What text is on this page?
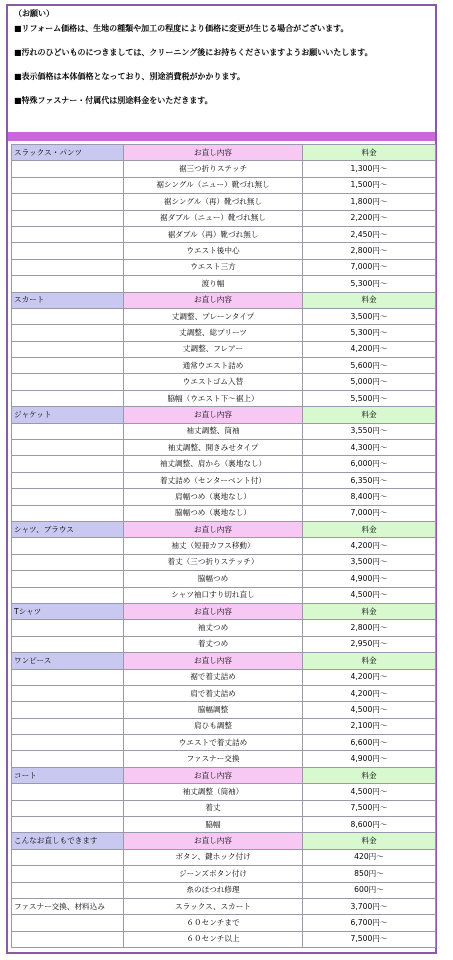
（お願い）

■リフォーム価格は、生地の種類や加工の程度により価格に変更が生じる場合がございます。

■汚れのひどいものにつきましては、クリーニング後にお持ちくださいますようお願いいたします。

■表示価格は本体価格となっており、別途消費税がかかります。

■特殊ファスナー・付属代は別途料金をいただきます。

スラックス・パンツ	お直し内容	料金
	裾三つ折りステッチ	1,300円～
	裾シングル（ニュー）靴づれ無し	1,500円～
	裾シングル（再）靴づれ無し	1,800円～
	裾ダブル（ニュー）靴づれ無し	2,200円～
	裾ダブル（再）靴づれ無し	2,450円～
	ウエスト後中心	2,800円～
	ウエスト三方	7,000円～
	渡り幅	5,300円～
スカート	お直し内容	料金
	丈調整、プレーンタイプ	3,500円～
	丈調整、総プリーツ	5,300円～
	丈調整、フレアー	4,200円～
	通常ウエスト詰め	5,600円～
	ウエストゴム入替	5,000円～
	脇幅（ウエスト下～裾上）	5,500円～
ジャケット	お直し内容	料金
	袖丈調整、筒袖	3,550円～
	袖丈調整、開きみせタイプ	4,300円～
	袖丈調整、肩から（裏地なし）	6,000円～
	着丈詰め（センターベント付）	6,350円～
	肩幅つめ（裏地なし）	8,400円～
	脇幅つめ（裏地なし）	7,000円～
シャツ、ブラウス	お直し内容	料金
	袖丈（短冊カフス移動）	4,200円～
	着丈（三つ折りステッチ）	3,500円～
	脇幅つめ	4,900円～
	シャツ袖口すり切れ直し	4,500円～
Tシャツ	お直し内容	料金
	袖丈つめ	2,800円～
	着丈つめ	2,950円～
ワンピース	お直し内容	料金
	裾で着丈詰め	4,200円～
	肩で着丈詰め	4,200円～
	脇幅調整	4,500円～
	肩ひも調整	2,100円～
	ウエストで着丈詰め	6,600円～
	ファスナー交換	4,900円～
コート	お直し内容	料金
	袖丈調整（筒袖）	4,500円～
	着丈	7,500円～
	脇幅	8,600円～
こんなお直しもできます	お直し内容	料金
	ボタン、鍵ホック付け	420円～
	ジーンズボタン付け	850円～
	糸のほつれ修理	600円～
ファスナー交換、材料込み	スラックス、スカート	3,700円～
	６０センチまで	6,700円～
	６０センチ以上	7,500円～
